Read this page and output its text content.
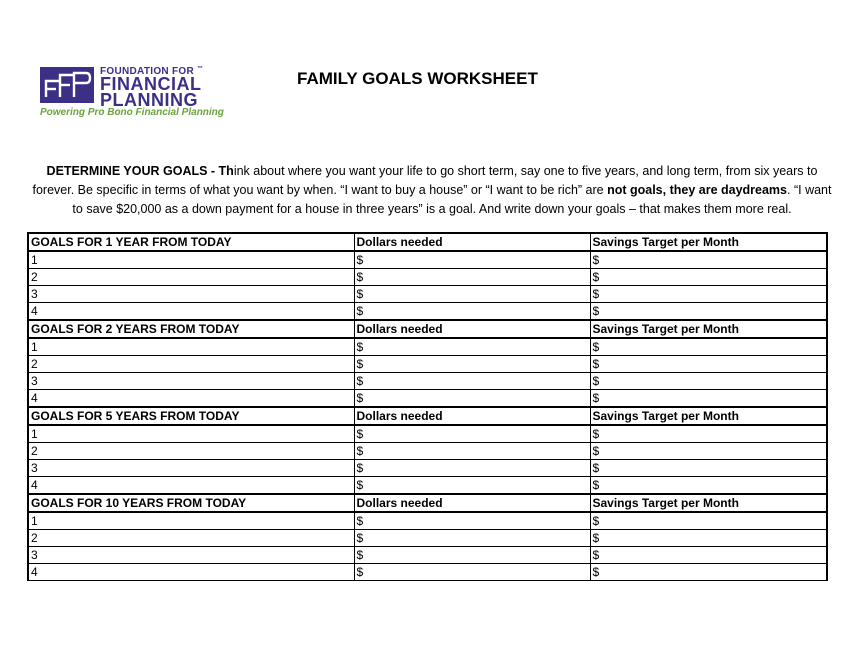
FOUNDATION FOR ™
FINANCIAL
PLANNING
Powering Pro Bono Financial Planning
FAMILY GOALS WORKSHEET
DETERMINE YOUR GOALS - Think about where you want your life to go short term, say one to five years, and long term, from six years to forever. Be specific in terms of what you want by when. “I want to buy a house” or “I want to be rich” are not goals, they are daydreams. “I want to save $20,000 as a down payment for a house in three years” is a goal. And write down your goals – that makes them more real.
GOALS FOR 1 YEAR FROM TODAY	Dollars needed	Savings Target per Month
1	$	$
2	$	$
3	$	$
4	$	$
GOALS FOR 2 YEARS FROM TODAY	Dollars needed	Savings Target per Month
1	$	$
2	$	$
3	$	$
4	$	$
GOALS FOR 5 YEARS FROM TODAY	Dollars needed	Savings Target per Month
1	$	$
2	$	$
3	$	$
4	$	$
GOALS FOR 10 YEARS FROM TODAY	Dollars needed	Savings Target per Month
1	$	$
2	$	$
3	$	$
4	$	$
